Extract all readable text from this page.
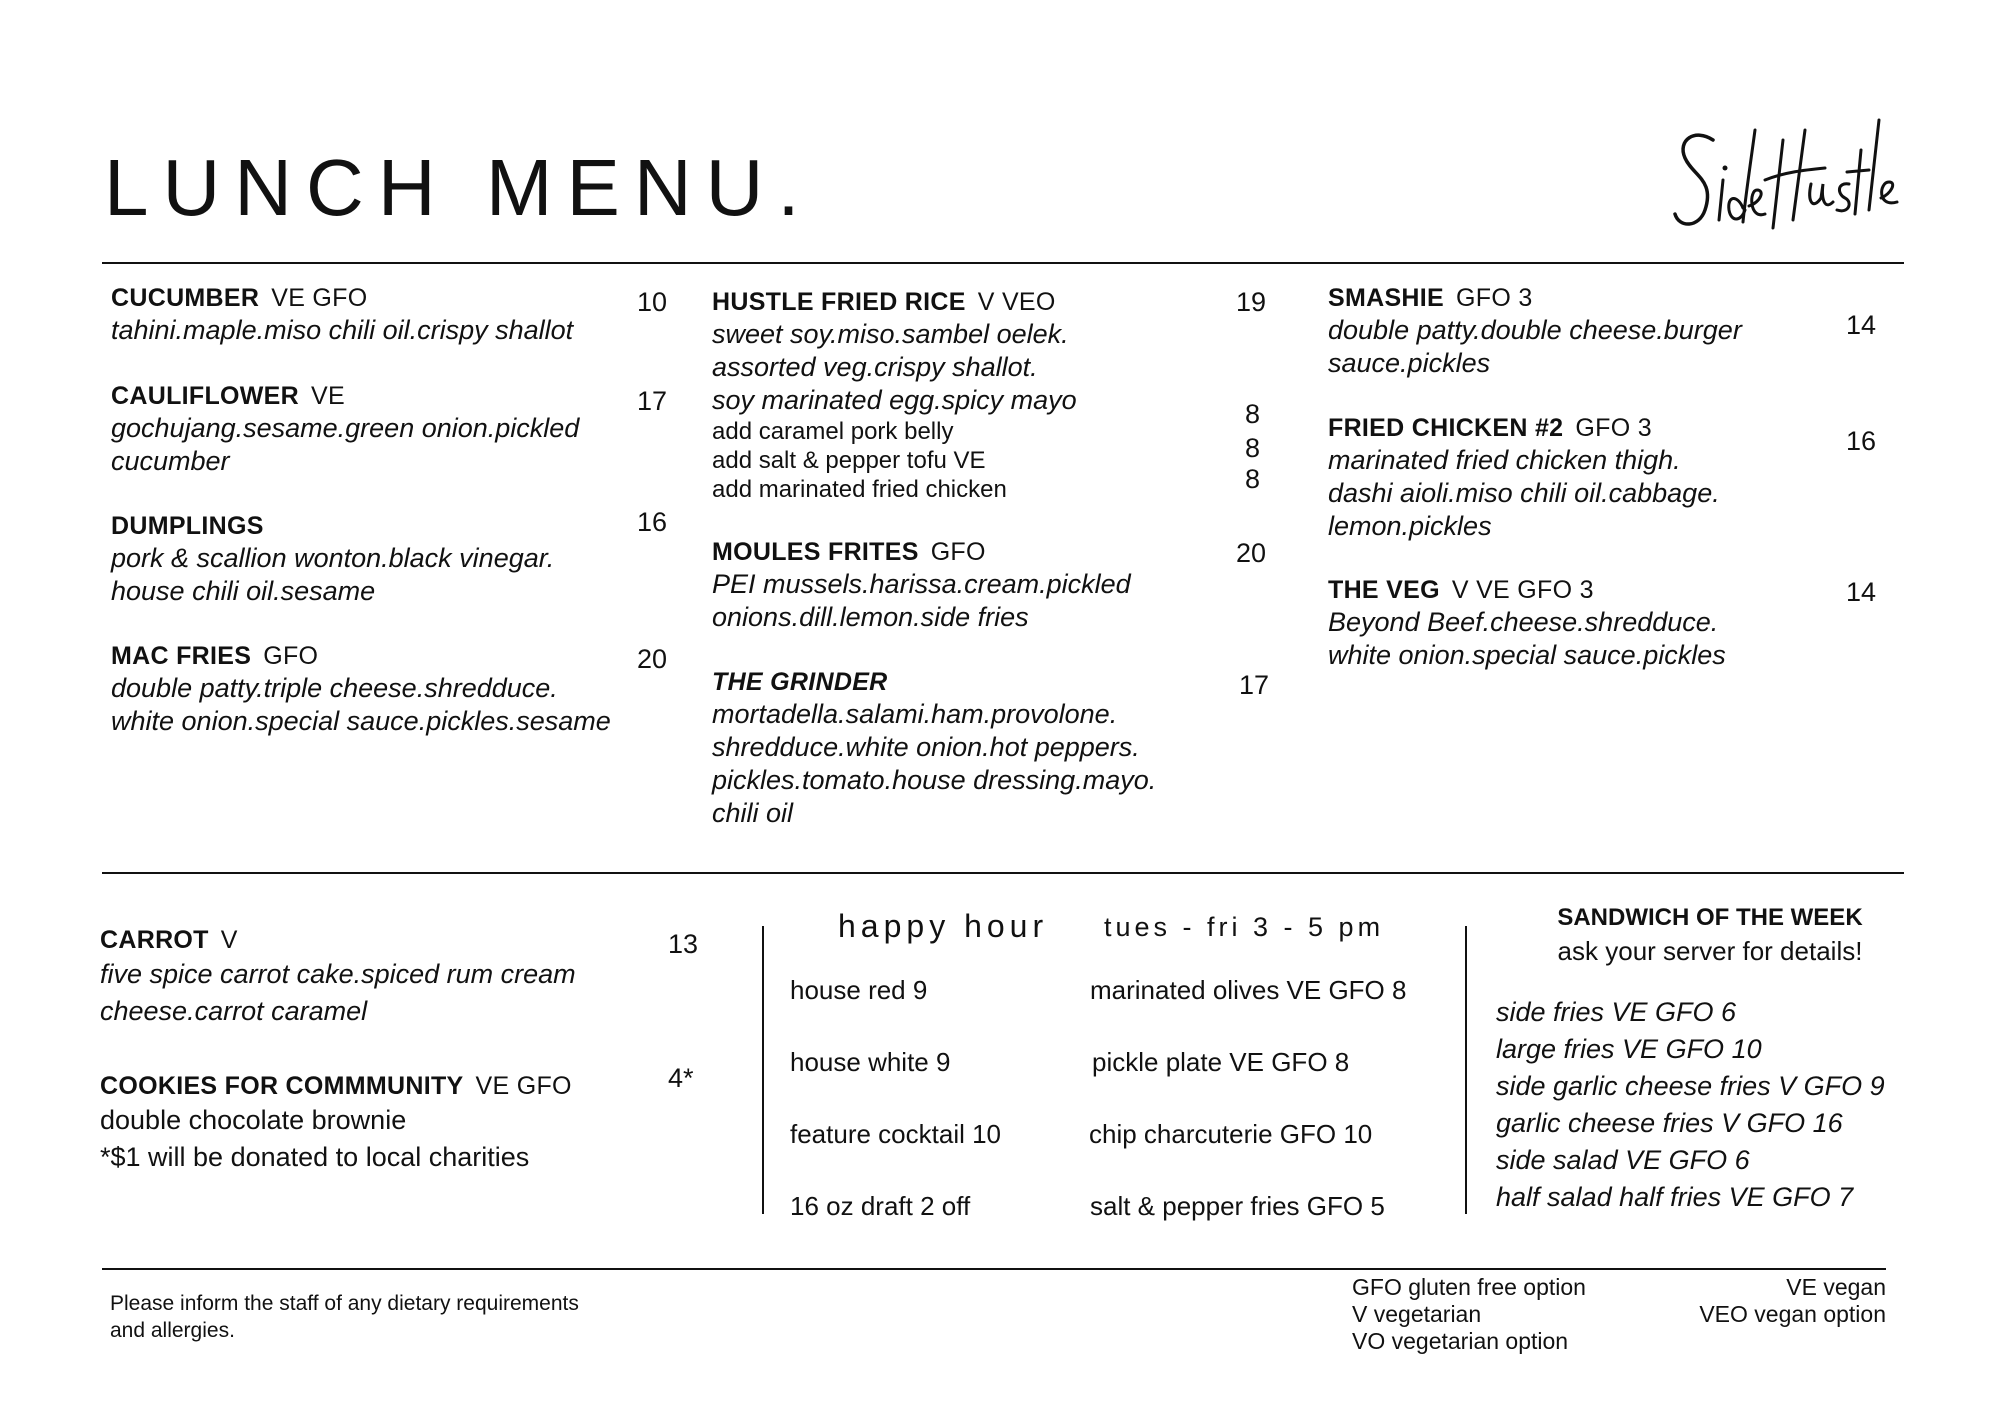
LUNCH MENU.
CUCUMBER VE GFO
tahini.maple.miso chili oil.crispy shallot
10
CAULIFLOWER VE
gochujang.sesame.green onion.pickled
cucumber
17
DUMPLINGS
pork & scallion wonton.black vinegar.
house chili oil.sesame
16
MAC FRIES GFO
double patty.triple cheese.shredduce.
white onion.special sauce.pickles.sesame
20
HUSTLE FRIED RICE V VEO
sweet soy.miso.sambel oelek.
assorted veg.crispy shallot.
soy marinated egg.spicy mayo
add caramel pork belly
add salt & pepper tofu VE
add marinated fried chicken
19
8
8
8
MOULES FRITES GFO
PEI mussels.harissa.cream.pickled
onions.dill.lemon.side fries
20
THE GRINDER
mortadella.salami.ham.provolone.
shredduce.white onion.hot peppers.
pickles.tomato.house dressing.mayo.
chili oil
17
SMASHIE GFO 3
double patty.double cheese.burger
sauce.pickles
14
FRIED CHICKEN #2 GFO 3
marinated fried chicken thigh.
dashi aioli.miso chili oil.cabbage.
lemon.pickles
16
THE VEG V VE GFO 3
Beyond Beef.cheese.shredduce.
white onion.special sauce.pickles
14
CARROT V
five spice carrot cake.spiced rum cream
cheese.carrot caramel
13
COOKIES FOR COMMMUNITY VE GFO
double chocolate brownie
*$1 will be donated to local charities
4*
happy hour tues - fri 3 - 5 pm
house red 9
house white 9
feature cocktail 10
16 oz draft 2 off
marinated olives VE GFO 8
pickle plate VE GFO 8
chip charcuterie GFO 10
salt & pepper fries GFO 5
SANDWICH OF THE WEEK
ask your server for details!
side fries VE GFO 6
large fries VE GFO 10
side garlic cheese fries V GFO 9
garlic cheese fries V GFO 16
side salad VE GFO 6
half salad half fries VE GFO 7
Please inform the staff of any dietary requirements
and allergies.
GFO gluten free option
V vegetarian
VO vegetarian option
VE vegan
VEO vegan option
